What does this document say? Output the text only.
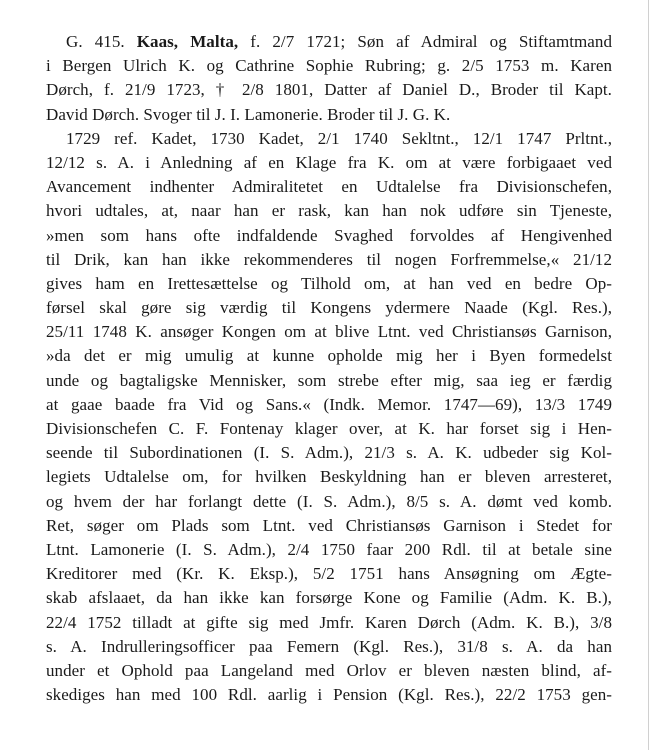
G. 415. Kaas, Malta, f. 2/7 1721; Søn af Admiral og Stiftamtmand
i Bergen Ulrich K. og Cathrine Sophie Rubring; g. 2/5 1753 m. Karen
Dørch, f. 21/9 1723, † 2/8 1801, Datter af Daniel D., Broder til Kapt.
David Dørch. Svoger til J. I. Lamonerie. Broder til J. G. K.
1729 ref. Kadet, 1730 Kadet, 2/1 1740 Sekltnt., 12/1 1747 Prltnt.,
12/12 s. A. i Anledning af en Klage fra K. om at være forbigaaet ved
Avancement indhenter Admiralitetet en Udtalelse fra Divisionschefen,
hvori udtales, at, naar han er rask, kan han nok udføre sin Tjeneste,
»men som hans ofte indfaldende Svaghed forvoldes af Hengivenhed
til Drik, kan han ikke rekommenderes til nogen Forfremmelse,« 21/12
gives ham en Irettesættelse og Tilhold om, at han ved en bedre Op-
førsel skal gøre sig værdig til Kongens ydermere Naade (Kgl. Res.),
25/11 1748 K. ansøger Kongen om at blive Ltnt. ved Christiansøs Garnison,
»da det er mig umulig at kunne opholde mig her i Byen formedelst
unde og bagtaligske Mennisker, som strebe efter mig, saa ieg er færdig
at gaae baade fra Vid og Sans.« (Indk. Memor. 1747—69), 13/3 1749
Divisionschefen C. F. Fontenay klager over, at K. har forset sig i Hen-
seende til Subordinationen (I. S. Adm.), 21/3 s. A. K. udbeder sig Kol-
legiets Udtalelse om, for hvilken Beskyldning han er bleven arresteret,
og hvem der har forlangt dette (I. S. Adm.), 8/5 s. A. dømt ved komb.
Ret, søger om Plads som Ltnt. ved Christiansøs Garnison i Stedet for
Ltnt. Lamonerie (I. S. Adm.), 2/4 1750 faar 200 Rdl. til at betale sine
Kreditorer med (Kr. K. Eksp.), 5/2 1751 hans Ansøgning om Ægte-
skab afslaaet, da han ikke kan forsørge Kone og Familie (Adm. K. B.),
22/4 1752 tilladt at gifte sig med Jmfr. Karen Dørch (Adm. K. B.), 3/8
s. A. Indrulleringsofficer paa Femern (Kgl. Res.), 31/8 s. A. da han
under et Ophold paa Langeland med Orlov er bleven næsten blind, af-
skediges han med 100 Rdl. aarlig i Pension (Kgl. Res.), 22/2 1753 gen-
